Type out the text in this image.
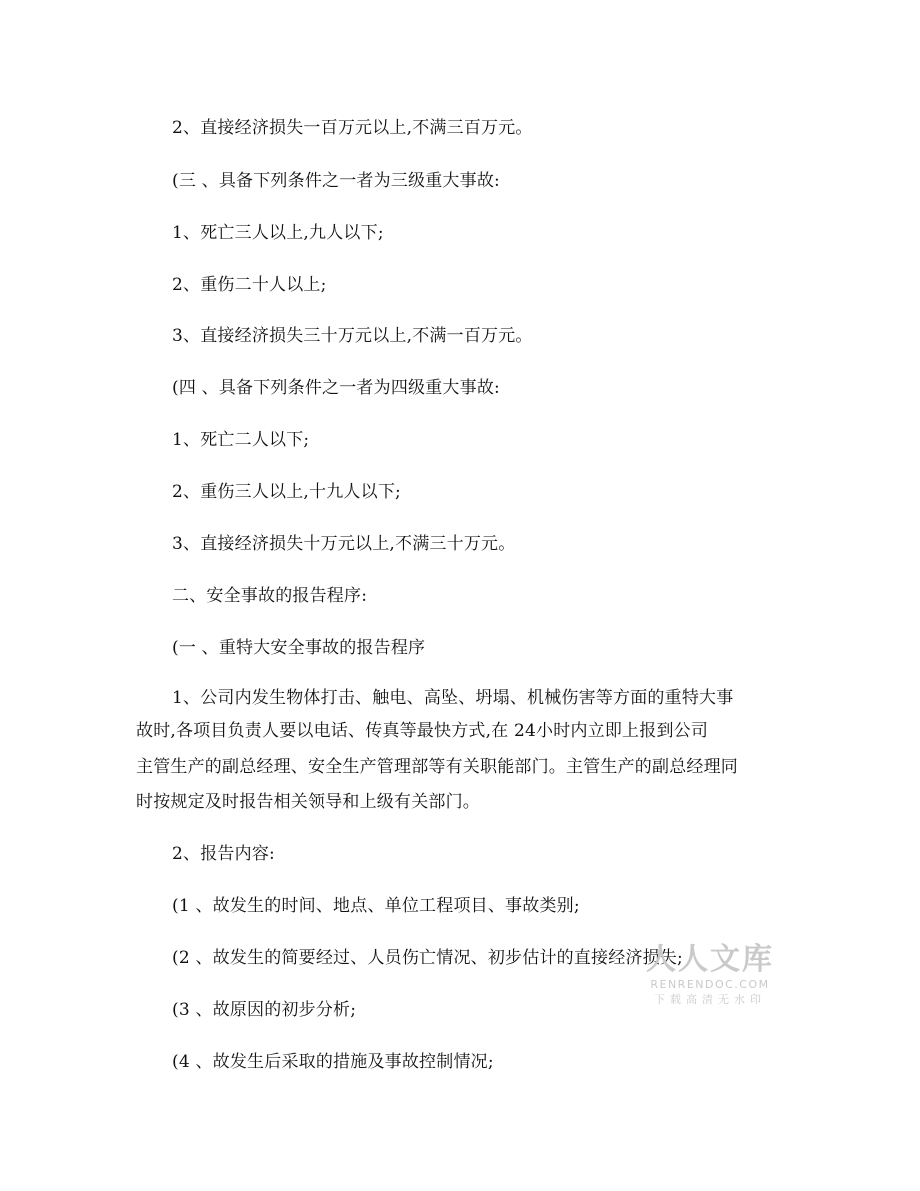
2、直接经济损失一百万元以上,不满三百万元。
(三 、具备下列条件之一者为三级重大事故:
1、死亡三人以上,九人以下;
2、重伤二十人以上;
3、直接经济损失三十万元以上,不满一百万元。
(四 、具备下列条件之一者为四级重大事故:
1、死亡二人以下;
2、重伤三人以上,十九人以下;
3、直接经济损失十万元以上,不满三十万元。
二、安全事故的报告程序:
(一 、重特大安全事故的报告程序
1、公司内发生物体打击、触电、高坠、坍塌、机械伤害等方面的重特大事
故时,各项目负责人要以电话、传真等最快方式,在 24小时内立即上报到公司
主管生产的副总经理、安全生产管理部等有关职能部门。主管生产的副总经理同
时按规定及时报告相关领导和上级有关部门。
2、报告内容:
(1 、故发生的时间、地点、单位工程项目、事故类别;
(2 、故发生的简要经过、人员伤亡情况、初步估计的直接经济损失;
(3 、故原因的初步分析;
(4 、故发生后采取的措施及事故控制情况;
人人文库
RENRENDOC.COM
下载高清无水印
